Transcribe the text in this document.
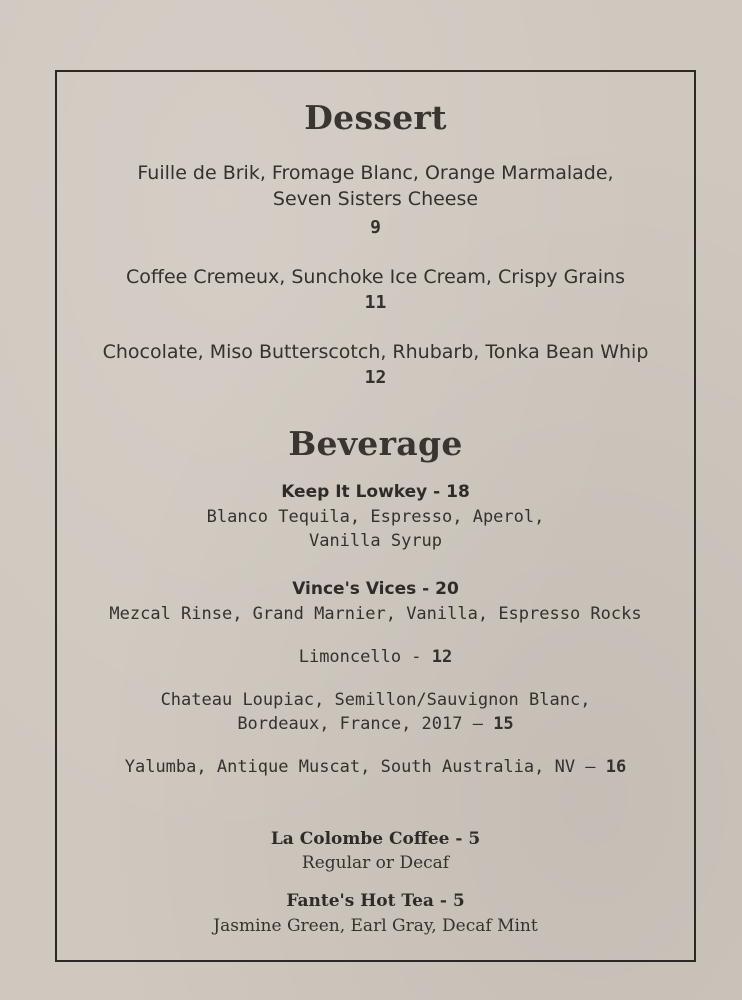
Dessert
Fuille de Brik, Fromage Blanc, Orange Marmalade,
Seven Sisters Cheese
9
Coffee Cremeux, Sunchoke Ice Cream, Crispy Grains
11
Chocolate, Miso Butterscotch, Rhubarb, Tonka Bean Whip
12
Beverage
Keep It Lowkey - 18
Blanco Tequila, Espresso, Aperol,
Vanilla Syrup
Vince's Vices - 20
Mezcal Rinse, Grand Marnier, Vanilla, Espresso Rocks
Limoncello - 12
Chateau Loupiac, Semillon/Sauvignon Blanc,
Bordeaux, France, 2017 – 15
Yalumba, Antique Muscat, South Australia, NV – 16
La Colombe Coffee - 5
Regular or Decaf
Fante's Hot Tea - 5
Jasmine Green, Earl Gray, Decaf Mint
